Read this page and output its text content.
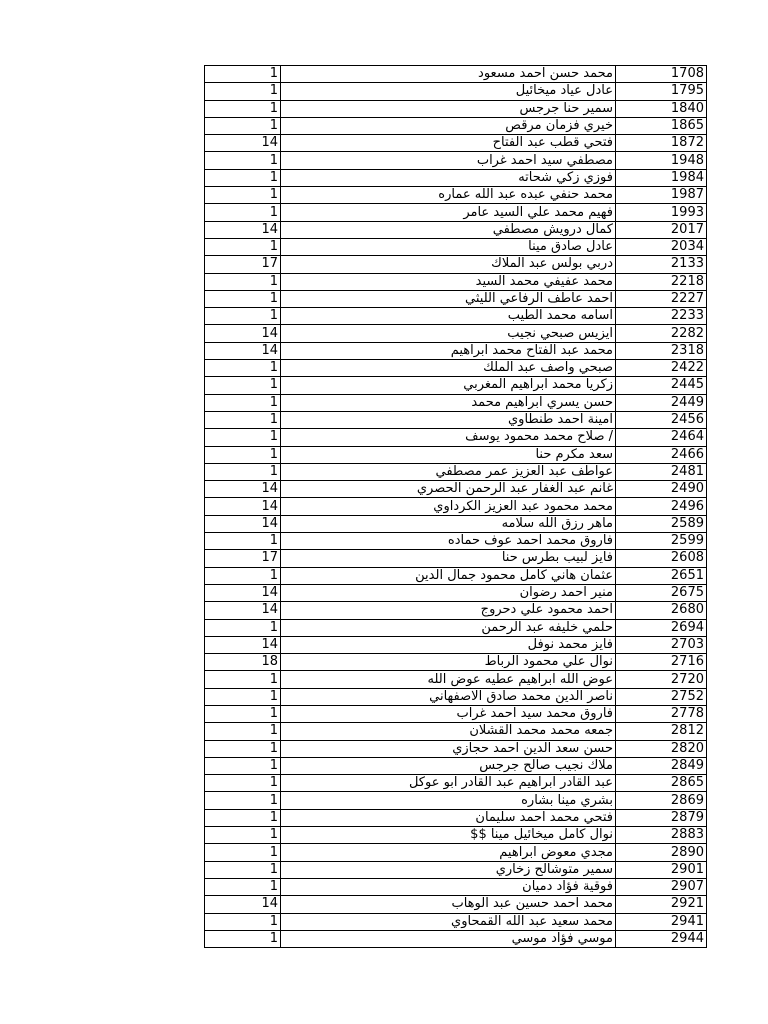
1	محمد حسن احمد مسعود	1708
1	عادل عياد ميخائيل	1795
1	سمير حنا جرجس	1840
1	خيري فزمان مرقص	1865
14	فتحي قطب عبد الفتاح	1872
1	مصطفي سيد احمد غراب	1948
1	فوزي زكي شحاته	1984
1	محمد حنفي عبده عبد الله عماره	1987
1	فهيم محمد علي السيد عامر	1993
14	كمال درويش مصطفي	2017
1	عادل صادق مينا	2034
17	دربي بولس عبد الملاك	2133
1	محمد عفيفي محمد السيد	2218
1	احمد عاطف الرفاعي الليثي	2227
1	اسامه محمد الطيب	2233
14	ايزيس صبحي نجيب	2282
14	محمد عبد الفتاح محمد ابراهيم	2318
1	صبحي واصف عبد الملك	2422
1	زكريا محمد ابراهيم المغربي	2445
1	حسن يسري ابراهيم محمد	2449
1	امينة احمد طنطاوي	2456
1	/ صلاح محمد محمود يوسف	2464
1	سعد مكرم حنا	2466
1	عواطف عبد العزيز عمر مصطفي	2481
14	غانم عبد الغفار عبد الرحمن الحصري	2490
14	محمد محمود عبد العزيز الكرداوي	2496
14	ماهر رزق الله سلامه	2589
1	فاروق محمد احمد عوف حماده	2599
17	فايز لبيب بطرس حنا	2608
1	عثمان هاني كامل محمود جمال الدين	2651
14	منير احمد رضوان	2675
14	احمد محمود علي دحروج	2680
1	حلمي خليفه عبد الرحمن	2694
14	فايز محمد نوفل	2703
18	نوال علي محمود الرباط	2716
1	عوض الله ابراهيم عطيه عوض الله	2720
1	ناصر الدين محمد صادق الاصفهاني	2752
1	فاروق محمد سيد احمد غراب	2778
1	جمعه محمد محمد القشلان	2812
1	حسن سعد الدين احمد حجازي	2820
1	ملاك نجيب صالح جرجس	2849
1	عبد القادر ابراهيم عبد القادر ابو عوكل	2865
1	بشري مينا بشاره	2869
1	فتحي محمد احمد سليمان	2879
1	نوال كامل ميخائيل مينا $$	2883
1	مجدي معوض ابراهيم	2890
1	سمير متوشالح زخاري	2901
1	فوقية فؤاد دميان	2907
14	محمد احمد حسين عبد الوهاب	2921
1	محمد سعيد عبد الله القمحاوي	2941
1	موسي فؤاد موسي	2944
